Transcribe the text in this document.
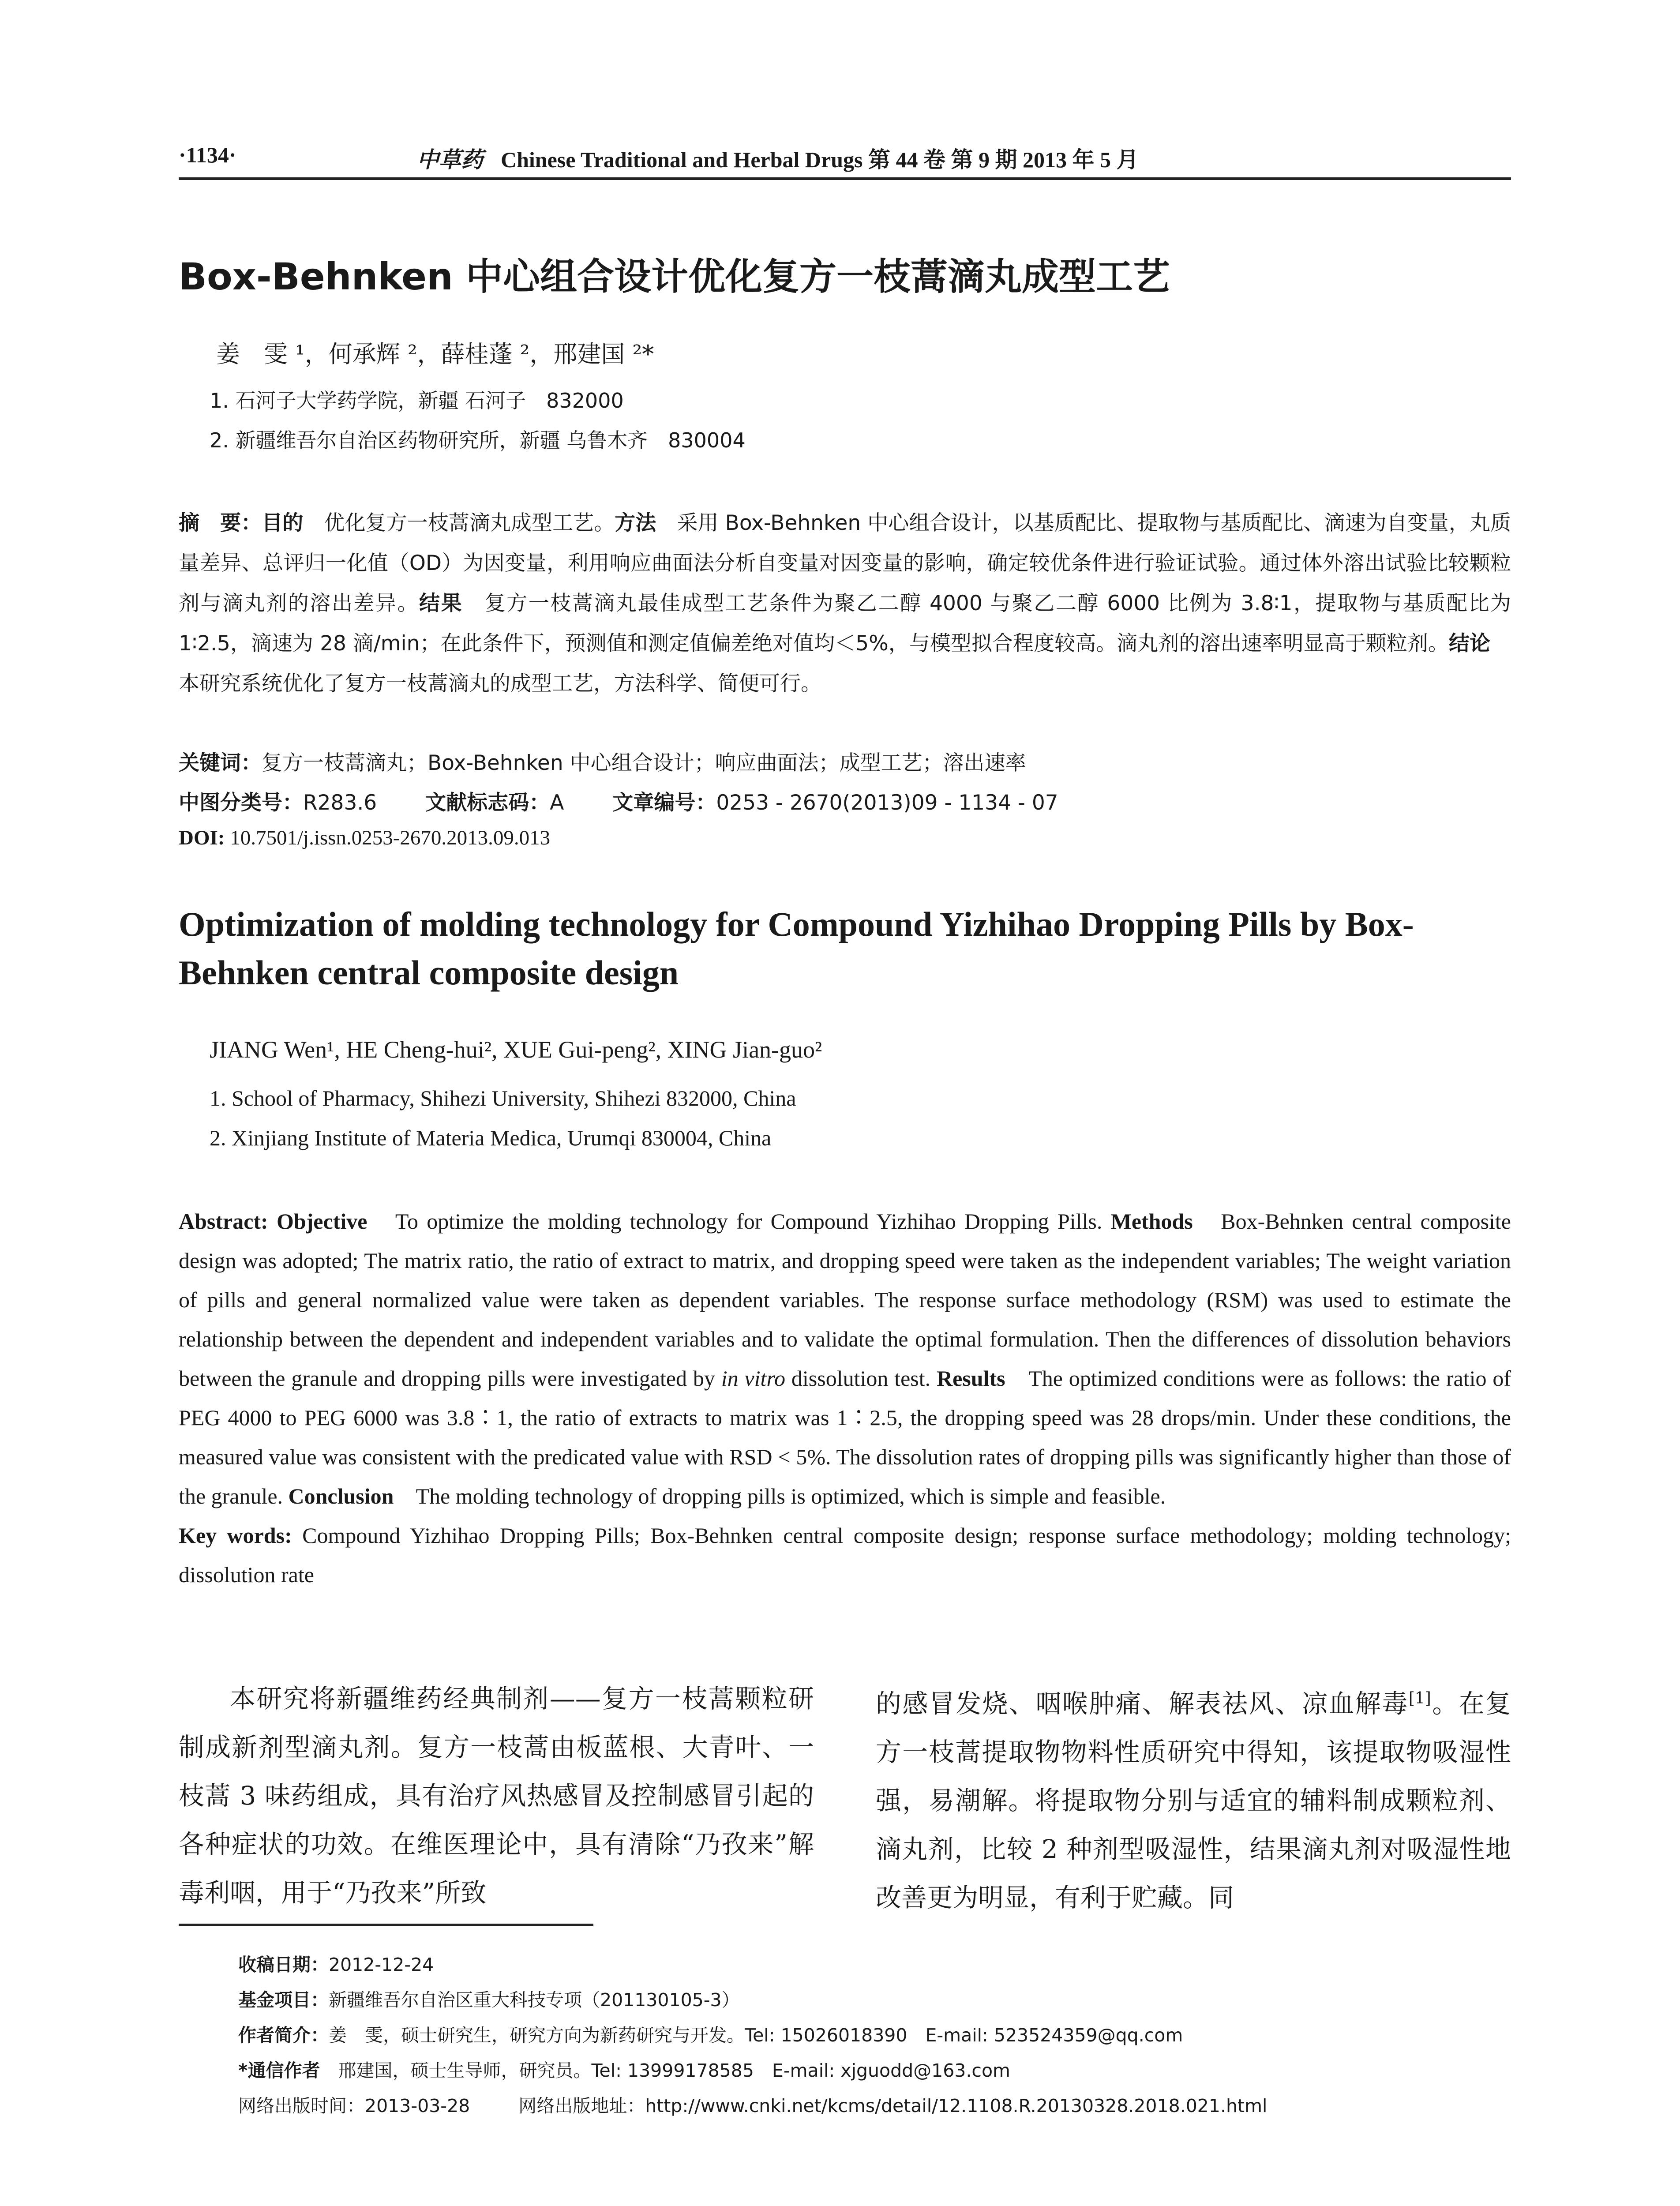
·1134·	中草药 Chinese Traditional and Herbal Drugs 第 44 卷 第 9 期 2013 年 5 月
Box-Behnken 中心组合设计优化复方一枝蒿滴丸成型工艺
姜　雯 ¹，何承辉 ²，薛桂蓬 ²，邢建国 ²*
1. 石河子大学药学院，新疆 石河子　832000
2. 新疆维吾尔自治区药物研究所，新疆 乌鲁木齐　830004
摘　要：目的　优化复方一枝蒿滴丸成型工艺。方法　采用 Box-Behnken 中心组合设计，以基质配比、提取物与基质配比、滴速为自变量，丸质量差异、总评归一化值（OD）为因变量，利用响应曲面法分析自变量对因变量的影响，确定较优条件进行验证试验。通过体外溶出试验比较颗粒剂与滴丸剂的溶出差异。结果　复方一枝蒿滴丸最佳成型工艺条件为聚乙二醇 4000 与聚乙二醇 6000 比例为 3.8∶1，提取物与基质配比为 1∶2.5，滴速为 28 滴/min；在此条件下，预测值和测定值偏差绝对值均＜5%，与模型拟合程度较高。滴丸剂的溶出速率明显高于颗粒剂。结论　本研究系统优化了复方一枝蒿滴丸的成型工艺，方法科学、简便可行。
关键词：复方一枝蒿滴丸；Box-Behnken 中心组合设计；响应曲面法；成型工艺；溶出速率
中图分类号：R283.6 文献标志码：A 文章编号：0253 - 2670(2013)09 - 1134 - 07
DOI: 10.7501/j.issn.0253-2670.2013.09.013
Optimization of molding technology for Compound Yizhihao Dropping Pills by Box-Behnken central composite design
JIANG Wen¹, HE Cheng-hui², XUE Gui-peng², XING Jian-guo²
1. School of Pharmacy, Shihezi University, Shihezi 832000, China
2. Xinjiang Institute of Materia Medica, Urumqi 830004, China

Abstract: Objective　To optimize the molding technology for Compound Yizhihao Dropping Pills. Methods　Box-Behnken central composite design was adopted; The matrix ratio, the ratio of extract to matrix, and dropping speed were taken as the independent variables; The weight variation of pills and general normalized value were taken as dependent variables. The response surface methodology (RSM) was used to estimate the relationship between the dependent and independent variables and to validate the optimal formulation. Then the differences of dissolution behaviors between the granule and dropping pills were investigated by in vitro dissolution test. Results　The optimized conditions were as follows: the ratio of PEG 4000 to PEG 6000 was 3.8∶1, the ratio of extracts to matrix was 1∶2.5, the dropping speed was 28 drops/min. Under these conditions, the measured value was consistent with the predicated value with RSD < 5%. The dissolution rates of dropping pills was significantly higher than those of the granule. Conclusion　The molding technology of dropping pills is optimized, which is simple and feasible.

Key words: Compound Yizhihao Dropping Pills; Box-Behnken central composite design; response surface methodology; molding technology; dissolution rate

本研究将新疆维药经典制剂——复方一枝蒿颗粒研制成新剂型滴丸剂。复方一枝蒿由板蓝根、大青叶、一枝蒿 3 味药组成，具有治疗风热感冒及控制感冒引起的各种症状的功效。在维医理论中，具有清除“乃孜来”解毒利咽，用于“乃孜来”所致
的感冒发烧、咽喉肿痛、解表祛风、凉血解毒[1]。在复方一枝蒿提取物物料性质研究中得知，该提取物吸湿性强，易潮解。将提取物分别与适宜的辅料制成颗粒剂、滴丸剂，比较 2 种剂型吸湿性，结果滴丸剂对吸湿性地改善更为明显，有利于贮藏。同
收稿日期：2012-12-24
基金项目：新疆维吾尔自治区重大科技专项（201130105-3）
作者简介：姜　雯，硕士研究生，研究方向为新药研究与开发。Tel: 15026018390　E-mail: 523524359@qq.com
*通信作者　邢建国，硕士生导师，研究员。Tel: 13999178585　E-mail: xjguodd@163.com
网络出版时间：2013-03-28	网络出版地址：http://www.cnki.net/kcms/detail/12.1108.R.20130328.2018.021.html
